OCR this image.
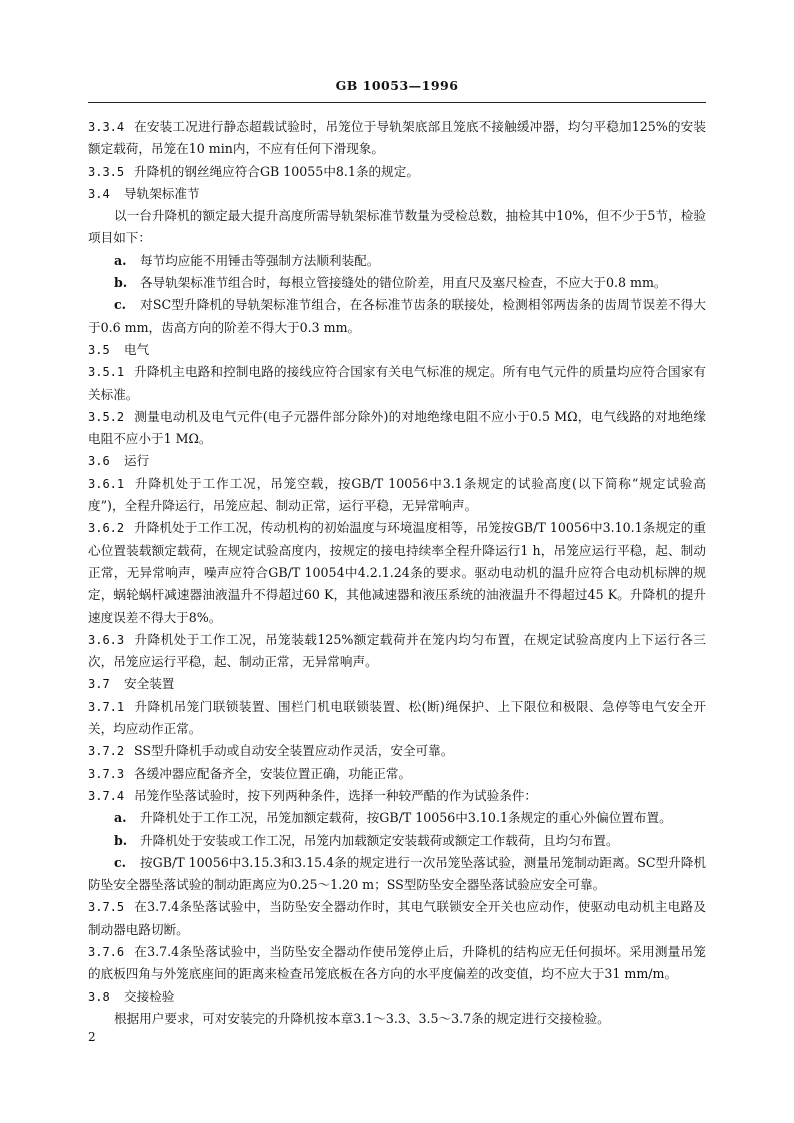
GB 10053—1996

3.3.4 在安装工况进行静态超载试验时，吊笼位于导轨架底部且笼底不接触缓冲器，均匀平稳加125%的安装额定载荷，吊笼在10 min内，不应有任何下滑现象。

3.3.5 升降机的钢丝绳应符合GB 10055中8.1条的规定。

3.4 导轨架标准节

以一台升降机的额定最大提升高度所需导轨架标准节数量为受检总数，抽检其中10%，但不少于5节，检验项目如下：

a. 每节均应能不用锤击等强制方法顺利装配。

b. 各导轨架标准节组合时，每根立管接缝处的错位阶差，用直尺及塞尺检查，不应大于0.8 mm。

c. 对SC型升降机的导轨架标准节组合，在各标准节齿条的联接处，检测相邻两齿条的齿周节误差不得大于0.6 mm，齿高方向的阶差不得大于0.3 mm。

3.5 电气

3.5.1 升降机主电路和控制电路的接线应符合国家有关电气标准的规定。所有电气元件的质量均应符合国家有关标准。

3.5.2 测量电动机及电气元件(电子元器件部分除外)的对地绝缘电阻不应小于0.5 MΩ，电气线路的对地绝缘电阻不应小于1 MΩ。

3.6 运行

3.6.1 升降机处于工作工况，吊笼空载，按GB/T 10056中3.1条规定的试验高度(以下简称“规定试验高度”)，全程升降运行，吊笼应起、制动正常，运行平稳，无异常响声。

3.6.2 升降机处于工作工况，传动机构的初始温度与环境温度相等，吊笼按GB/T 10056中3.10.1条规定的重心位置装载额定载荷，在规定试验高度内，按规定的接电持续率全程升降运行1 h，吊笼应运行平稳，起、制动正常，无异常响声，噪声应符合GB/T 10054中4.2.1.24条的要求。驱动电动机的温升应符合电动机标牌的规定，蜗轮蜗杆减速器油液温升不得超过60 K，其他减速器和液压系统的油液温升不得超过45 K。升降机的提升速度误差不得大于8%。

3.6.3 升降机处于工作工况，吊笼装载125%额定载荷并在笼内均匀布置，在规定试验高度内上下运行各三次，吊笼应运行平稳，起、制动正常，无异常响声。

3.7 安全装置

3.7.1 升降机吊笼门联锁装置、围栏门机电联锁装置、松(断)绳保护、上下限位和极限、急停等电气安全开关，均应动作正常。

3.7.2 SS型升降机手动或自动安全装置应动作灵活，安全可靠。

3.7.3 各缓冲器应配备齐全，安装位置正确，功能正常。

3.7.4 吊笼作坠落试验时，按下列两种条件，选择一种较严酷的作为试验条件：

a. 升降机处于工作工况，吊笼加额定载荷，按GB/T 10056中3.10.1条规定的重心外偏位置布置。

b. 升降机处于安装或工作工况，吊笼内加载额定安装载荷或额定工作载荷，且均匀布置。

c. 按GB/T 10056中3.15.3和3.15.4条的规定进行一次吊笼坠落试验，测量吊笼制动距离。SC型升降机防坠安全器坠落试验的制动距离应为0.25～1.20 m；SS型防坠安全器坠落试验应安全可靠。

3.7.5 在3.7.4条坠落试验中，当防坠安全器动作时，其电气联锁安全开关也应动作，使驱动电动机主电路及制动器电路切断。

3.7.6 在3.7.4条坠落试验中，当防坠安全器动作使吊笼停止后，升降机的结构应无任何损坏。采用测量吊笼的底板四角与外笼底座间的距离来检查吊笼底板在各方向的水平度偏差的改变值，均不应大于31 mm/m。

3.8 交接检验

根据用户要求，可对安装完的升降机按本章3.1～3.3、3.5～3.7条的规定进行交接检验。

2
